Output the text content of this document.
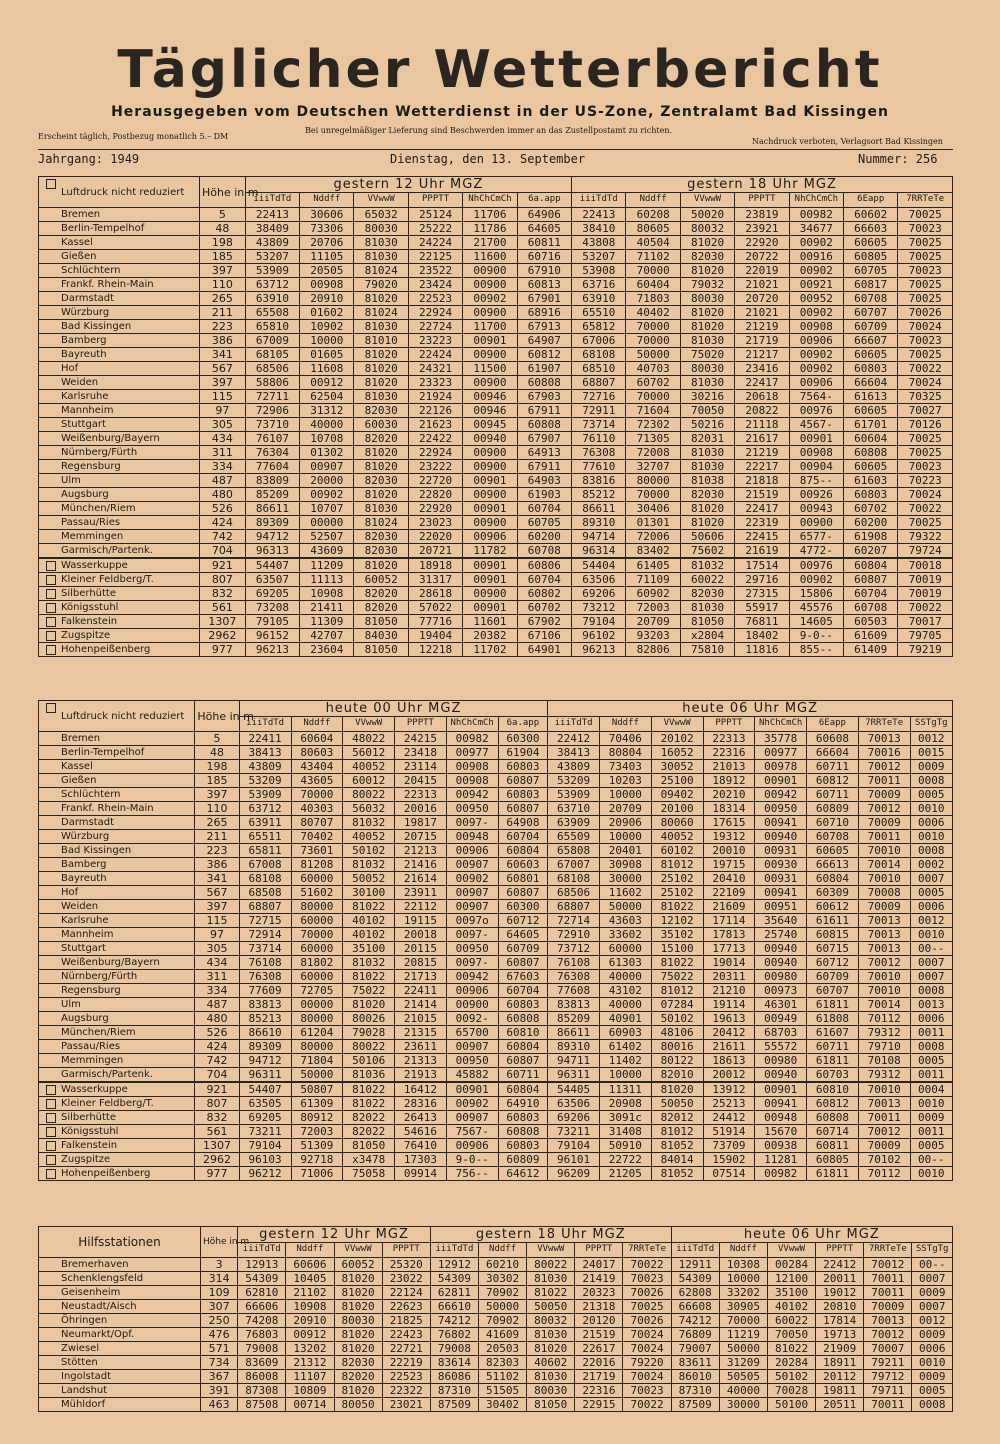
Täglicher Wetterbericht
Herausgegeben vom Deutschen Wetterdienst in der US-Zone, Zentralamt Bad Kissingen
Erscheint täglich, Postbezug monatlich 5.– DM
Bei unregelmäßiger Lieferung sind Beschwerden immer an das Zustellpostamt zu richten.
Nachdruck verboten, Verlagsort Bad Kissingen
Jahrgang: 1949	Dienstag, den 13. September	Nummer: 256
Luftdruck nicht reduziert	Höhe in m	gestern 12 Uhr MGZ						gestern 18 Uhr MGZ						
		iiiTdTd	Nddff	VVwwW	PPPTT	NhChCmCh	6a.app	iiiTdTd	Nddff	VVwwW	PPPTT	NhChCmCh	6Eapp	7RRTeTe
Bremen	5	22413	30606	65032	25124	11706	64906	22413	60208	50020	23819	00982	60602	70025
Berlin-Tempelhof	48	38409	73306	80030	25222	11786	64605	38410	80605	80032	23921	34677	66603	70023
Kassel	198	43809	20706	81030	24224	21700	60811	43808	40504	81020	22920	00902	60605	70025
Gießen	185	53207	11105	81030	22125	11600	60716	53207	71102	82030	20722	00916	60805	70025
Schlüchtern	397	53909	20505	81024	23522	00900	67910	53908	70000	81020	22019	00902	60705	70023
Frankf. Rhein-Main	110	63712	00908	79020	23424	00900	60813	63716	60404	79032	21021	00921	60817	70025
Darmstadt	265	63910	20910	81020	22523	00902	67901	63910	71803	80030	20720	00952	60708	70025
Würzburg	211	65508	01602	81024	22924	00900	68916	65510	40402	81020	21021	00902	60707	70026
Bad Kissingen	223	65810	10902	81030	22724	11700	67913	65812	70000	81020	21219	00908	60709	70024
Bamberg	386	67009	10000	81010	23223	00901	64907	67006	70000	81030	21719	00906	66607	70023
Bayreuth	341	68105	01605	81020	22424	00900	60812	68108	50000	75020	21217	00902	60605	70025
Hof	567	68506	11608	81020	24321	11500	61907	68510	40703	80030	23416	00902	60803	70022
Weiden	397	58806	00912	81020	23323	00900	60808	68807	60702	81030	22417	00906	66604	70024
Karlsruhe	115	72711	62504	81030	21924	00946	67903	72716	70000	30216	20618	7564-	61613	70325
Mannheim	97	72906	31312	82030	22126	00946	67911	72911	71604	70050	20822	00976	60605	70027
Stuttgart	305	73710	40000	60030	21623	00945	60808	73714	72302	50216	21118	4567-	61701	70126
Weißenburg/Bayern	434	76107	10708	82020	22422	00940	67907	76110	71305	82031	21617	00901	60604	70025
Nürnberg/Fürth	311	76304	01302	81020	22924	00900	64913	76308	72008	81030	21219	00908	60808	70025
Regensburg	334	77604	00907	81020	23222	00900	67911	77610	32707	81030	22217	00904	60605	70023
Ulm	487	83809	20000	82030	22720	00901	64903	83816	80000	81038	21818	875--	61603	70223
Augsburg	480	85209	00902	81020	22820	00900	61903	85212	70000	82030	21519	00926	60803	70024
München/Riem	526	86611	10707	81030	22920	00901	60704	86611	30406	81020	22417	00943	60702	70022
Passau/Ries	424	89309	00000	81024	23023	00900	60705	89310	01301	81020	22319	00900	60200	70025
Memmingen	742	94712	52507	82030	22020	00906	60200	94714	72006	50606	22415	6577-	61908	79322
Garmisch/Partenk.	704	96313	43609	82030	20721	11782	60708	96314	83402	75602	21619	4772-	60207	79724

Wasserkuppe	921	54407	11209	81020	18918	00901	60806	54404	61405	81032	17514	00976	60804	70018

Kleiner Feldberg/T.	807	63507	11113	60052	31317	00901	60704	63506	71109	60022	29716	00902	60807	70019

Silberhütte	832	69205	10908	82020	28618	00900	60802	69206	60902	82030	27315	15806	60704	70019

Königsstuhl	561	73208	21411	82020	57022	00901	60702	73212	72003	81030	55917	45576	60708	70022

Falkenstein	1307	79105	11309	81050	77716	11601	67902	79104	20709	81050	76811	14605	60503	70017

Zugspitze	2962	96152	42707	84030	19404	20382	67106	96102	93203	x2804	18402	9-0--	61609	79705

Hohenpeißenberg	977	96213	23604	81050	12218	11702	64901	96213	82806	75810	11816	855--	61409	79219
Luftdruck nicht reduziert	Höhe in m	heute 00 Uhr MGZ						heute 06 Uhr MGZ							
		iiiTdTd	Nddff	VVwwW	PPPTT	NhChCmCh	6a.app	iiiTdTd	Nddff	VVwwW	PPPTT	NhChCmCh	6Eapp	7RRTeTe	SSTgTg
Bremen	5	22411	60604	48022	24215	00982	60300	22412	70406	20102	22313	35778	60608	70013	0012
Berlin-Tempelhof	48	38413	80603	56012	23418	00977	61904	38413	80804	16052	22316	00977	66604	70016	0015
Kassel	198	43809	43404	40052	23114	00908	60803	43809	73403	30052	21013	00978	60711	70012	0009
Gießen	185	53209	43605	60012	20415	00908	60807	53209	10203	25100	18912	00901	60812	70011	0008
Schlüchtern	397	53909	70000	80022	22313	00942	60803	53909	10000	09402	20210	00942	60711	70009	0005
Frankf. Rhein-Main	110	63712	40303	56032	20016	00950	60807	63710	20709	20100	18314	00950	60809	70012	0010
Darmstadt	265	63911	80707	81032	19817	0097-	64908	63909	20906	80060	17615	00941	60710	70009	0006
Würzburg	211	65511	70402	40052	20715	00948	60704	65509	10000	40052	19312	00940	60708	70011	0010
Bad Kissingen	223	65811	73601	50102	21213	00906	60804	65808	20401	60102	20010	00931	60605	70010	0008
Bamberg	386	67008	81208	81032	21416	00907	60603	67007	30908	81012	19715	00930	66613	70014	0002
Bayreuth	341	68108	60000	50052	21614	00902	60801	68108	30000	25102	20410	00931	60804	70010	0007
Hof	567	68508	51602	30100	23911	00907	60807	68506	11602	25102	22109	00941	60309	70008	0005
Weiden	397	68807	80000	81022	22112	00907	60300	68807	50000	81022	21609	00951	60612	70009	0006
Karlsruhe	115	72715	60000	40102	19115	0097o	60712	72714	43603	12102	17114	35640	61611	70013	0012
Mannheim	97	72914	70000	40102	20018	0097-	64605	72910	33602	35102	17813	25740	60815	70013	0010
Stuttgart	305	73714	60000	35100	20115	00950	60709	73712	60000	15100	17713	00940	60715	70013	00--
Weißenburg/Bayern	434	76108	81802	81032	20815	0097-	60807	76108	61303	81022	19014	00940	60712	70012	0007
Nürnberg/Fürth	311	76308	60000	81022	21713	00942	67603	76308	40000	75022	20311	00980	60709	70010	0007
Regensburg	334	77609	72705	75022	22411	00906	60704	77608	43102	81012	21210	00973	60707	70010	0008
Ulm	487	83813	00000	81020	21414	00900	60803	83813	40000	07284	19114	46301	61811	70014	0013
Augsburg	480	85213	80000	80026	21015	0092-	60808	85209	40901	50102	19613	00949	61808	70112	0006
München/Riem	526	86610	61204	79028	21315	65700	60810	86611	60903	48106	20412	68703	61607	79312	0011
Passau/Ries	424	89309	80000	80022	23611	00907	60804	89310	61402	80016	21611	55572	60711	79710	0008
Memmingen	742	94712	71804	50106	21313	00950	60807	94711	11402	80122	18613	00980	61811	70108	0005
Garmisch/Partenk.	704	96311	50000	81036	21913	45882	60711	96311	10000	82010	20012	00940	60703	79312	0011

Wasserkuppe	921	54407	50807	81022	16412	00901	60804	54405	11311	81020	13912	00901	60810	70010	0004

Kleiner Feldberg/T.	807	63505	61309	81022	28316	00902	64910	63506	20908	50050	25213	00941	60812	70013	0010

Silberhütte	832	69205	80912	82022	26413	00907	60803	69206	3091c	82012	24412	00948	60808	70011	0009

Königsstuhl	561	73211	72003	82022	54616	7567-	60808	73211	31408	81012	51914	15670	60714	70012	0011

Falkenstein	1307	79104	51309	81050	76410	00906	60803	79104	50910	81052	73709	00938	60811	70009	0005

Zugspitze	2962	96103	92718	x3478	17303	9-0--	60809	96101	22722	84014	15902	11281	60805	70102	00--

Hohenpeißenberg	977	96212	71006	75058	09914	756--	64612	96209	21205	81052	07514	00982	61811	70112	0010
Hilfsstationen	Höhe in m	gestern 12 Uhr MGZ				gestern 18 Uhr MGZ					heute 06 Uhr MGZ					
		iiiTdTd	Nddff	VVwwW	PPPTT	iiiTdTd	Nddff	VVwwW	PPPTT	7RRTeTe	iiiTdTd	Nddff	VVwwW	PPPTT	7RRTeTe	SSTgTg
Bremerhaven	3	12913	60606	60052	25320	12912	60210	80022	24017	70022	12911	10308	00284	22412	70012	00--
Schenklengsfeld	314	54309	10405	81020	23022	54309	30302	81030	21419	70023	54309	10000	12100	20011	70011	0007
Geisenheim	109	62810	21102	81020	22124	62811	70902	81022	20323	70026	62808	33202	35100	19012	70011	0009
Neustadt/Aisch	307	66606	10908	81020	22623	66610	50000	50050	21318	70025	66608	30905	40102	20810	70009	0007
Öhringen	250	74208	20910	80030	21825	74212	70902	80032	20120	70026	74212	70000	60022	17814	70013	0012
Neumarkt/Opf.	476	76803	00912	81020	22423	76802	41609	81030	21519	70024	76809	11219	70050	19713	70012	0009
Zwiesel	571	79008	13202	81020	22721	79008	20503	81020	22617	70024	79007	50000	81022	21909	70007	0006
Stötten	734	83609	21312	82030	22219	83614	82303	40602	22016	79220	83611	31209	20284	18911	79211	0010
Ingolstadt	367	86008	11107	82020	22523	86086	51102	81030	21719	70024	86010	50505	50102	20112	79712	0009
Landshut	391	87308	10809	81020	22322	87310	51505	80030	22316	70023	87310	40000	70028	19811	79711	0005
Mühldorf	463	87508	00714	80050	23021	87509	30402	81050	22915	70022	87509	30000	50100	20511	70011	0008
